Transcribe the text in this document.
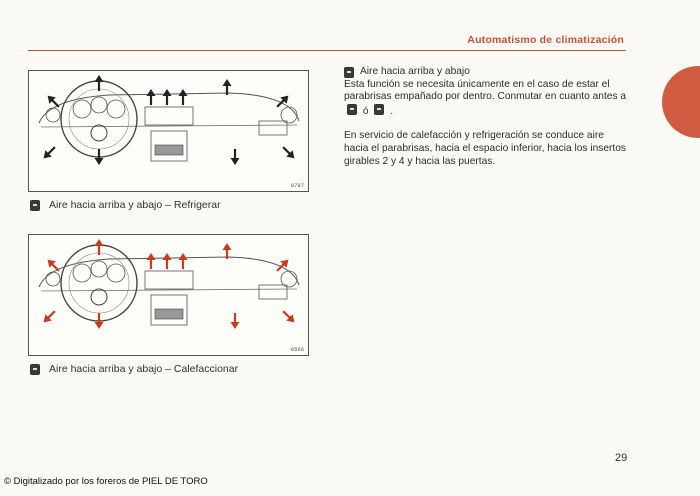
Automatismo de climatización
0787
Aire hacia arriba y abajo – Refrigerar
0566
Aire hacia arriba y abajo – Calefaccionar
Aire hacia arriba y abajo

Esta función se necesita únicamente en el caso de estar el parabrisas empañado por dentro. Conmutar en cuanto antes a  ó .

En servicio de calefacción y refrigeración se conduce aire hacia el parabrisas, hacia el espacio inferior, hacia los insertos girables 2 y 4 y hacia las puertas.

29
© Digitalizado por los foreros de PIEL DE TORO
